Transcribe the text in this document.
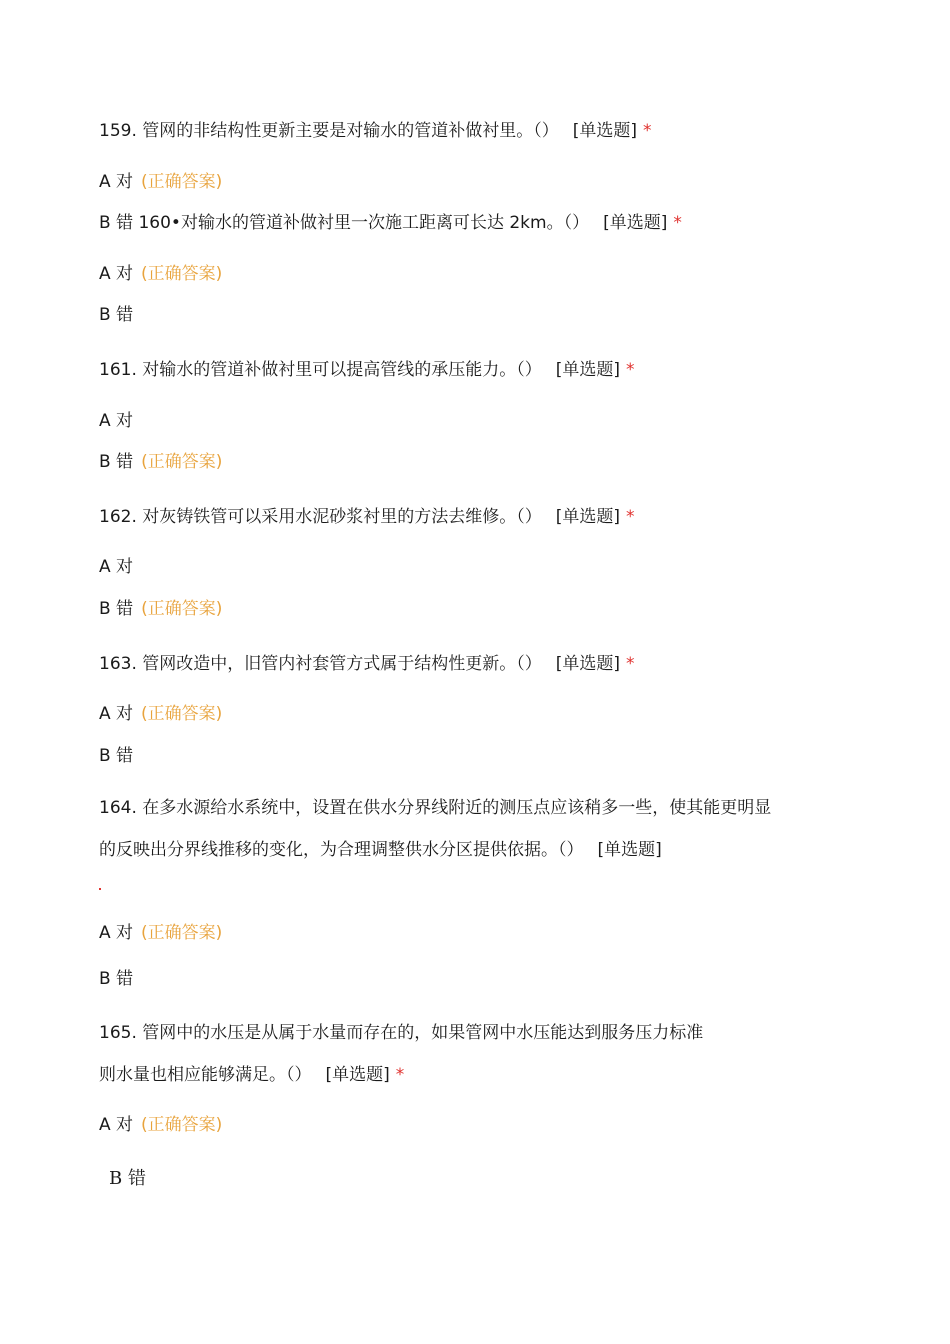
159. 管网的非结构性更新主要是对输水的管道补做衬里。（） [单选题] *
A 对 (正确答案)
B 错 160•对输水的管道补做衬里一次施工距离可长达 2km。（） [单选题] *
A 对 (正确答案)
B 错
161. 对输水的管道补做衬里可以提高管线的承压能力。（） [单选题] *
A 对
B 错 (正确答案)
162. 对灰铸铁管可以采用水泥砂浆衬里的方法去维修。（） [单选题] *
A 对
B 错 (正确答案)
163. 管网改造中，旧管内衬套管方式属于结构性更新。（） [单选题] *
A 对 (正确答案)
B 错
164. 在多水源给水系统中，设置在供水分界线附近的测压点应该稍多一些，使其能更明显
的反映出分界线推移的变化，为合理调整供水分区提供依据。（） [单选题]
A 对 (正确答案)
B 错
165. 管网中的水压是从属于水量而存在的，如果管网中水压能达到服务压力标准
则水量也相应能够满足。（） [单选题] *
A 对 (正确答案)
B 错
